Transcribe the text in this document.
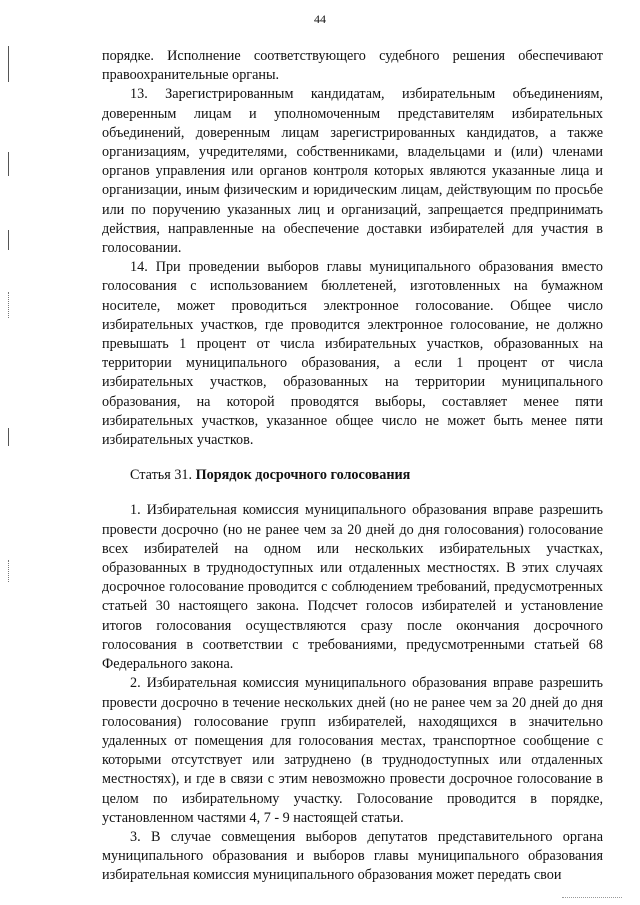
44

порядке. Исполнение соответствующего судебного решения обеспечивают правоохранительные органы.

13. Зарегистрированным кандидатам, избирательным объединениям, доверенным лицам и уполномоченным представителям избирательных объединений, доверенным лицам зарегистрированных кандидатов, а также организациям, учредителями, собственниками, владельцами и (или) членами органов управления или органов контроля которых являются указанные лица и организации, иным физическим и юридическим лицам, действующим по просьбе или по поручению указанных лиц и организаций, запрещается предпринимать действия, направленные на обеспечение доставки избирателей для участия в голосовании.

14. При проведении выборов главы муниципального образования вместо голосования с использованием бюллетеней, изготовленных на бумажном носителе, может проводиться электронное голосование. Общее число избирательных участков, где проводится электронное голосование, не должно превышать 1 процент от числа избирательных участков, образованных на территории муниципального образования, а если 1 процент от числа избирательных участков, образованных на территории муниципального образования, на которой проводятся выборы, составляет менее пяти избирательных участков, указанное общее число не может быть менее пяти избирательных участков.

Статья 31. Порядок досрочного голосования

1. Избирательная комиссия муниципального образования вправе разрешить провести досрочно (но не ранее чем за 20 дней до дня голосования) голосование всех избирателей на одном или нескольких избирательных участках, образованных в труднодоступных или отдаленных местностях. В этих случаях досрочное голосование проводится с соблюдением требований, предусмотренных статьей 30 настоящего закона. Подсчет голосов избирателей и установление итогов голосования осуществляются сразу после окончания досрочного голосования в соответствии с требованиями, предусмотренными статьей 68 Федерального закона.

2. Избирательная комиссия муниципального образования вправе разрешить провести досрочно в течение нескольких дней (но не ранее чем за 20 дней до дня голосования) голосование групп избирателей, находящихся в значительно удаленных от помещения для голосования местах, транспортное сообщение с которыми отсутствует или затруднено (в труднодоступных или отдаленных местностях), и где в связи с этим невозможно провести досрочное голосование в целом по избирательному участку. Голосование проводится в порядке, установленном частями 4, 7 - 9 настоящей статьи.

3. В случае совмещения выборов депутатов представительного органа муниципального образования и выборов главы муниципального образования избирательная комиссия муниципального образования может передать свои
